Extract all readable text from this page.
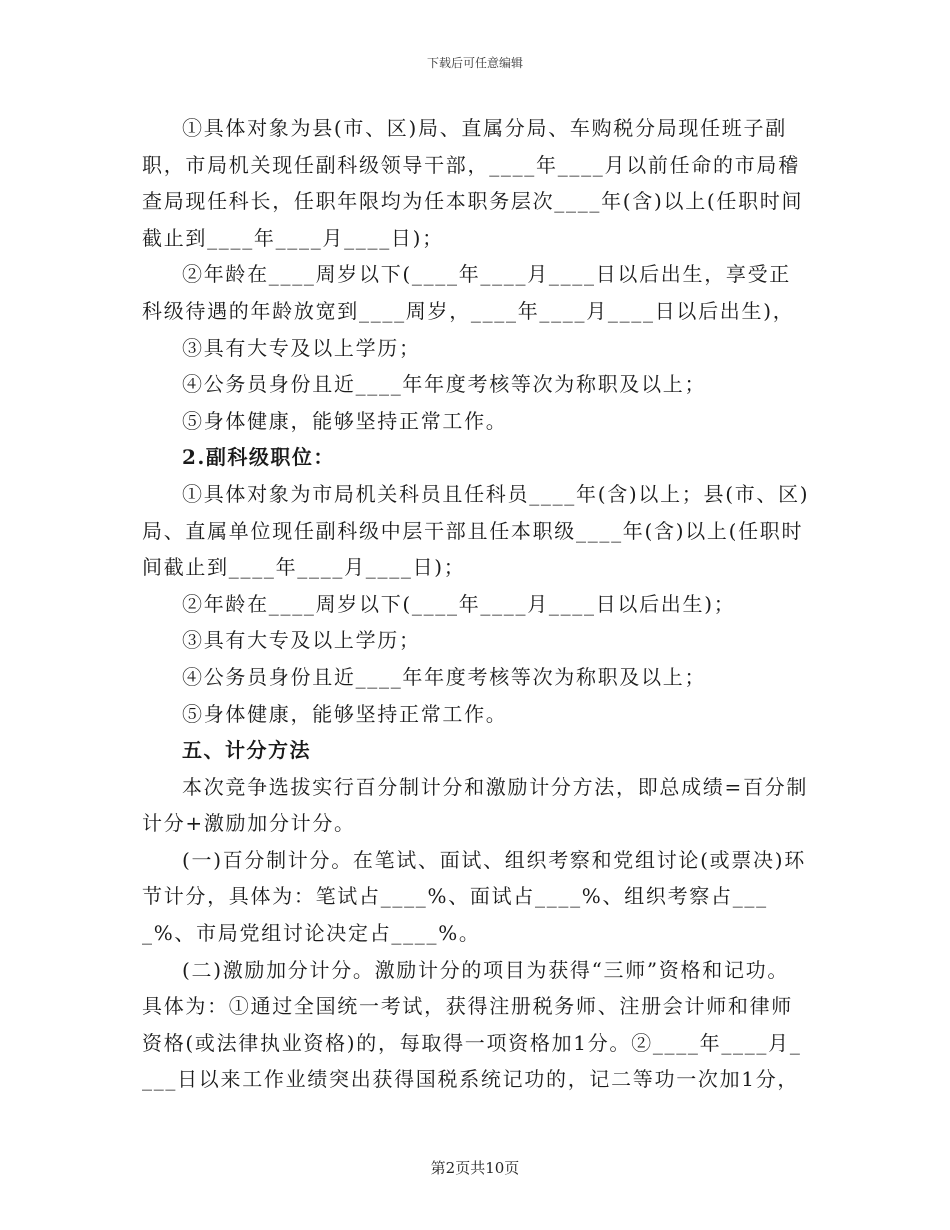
下载后可任意编辑

①具体对象为县(市、区)局、直属分局、车购税分局现任班子副职，市局机关现任副科级领导干部，____年____月以前任命的市局稽查局现任科长，任职年限均为任本职务层次____年(含)以上(任职时间截止到____年____月____日)；

②年龄在____周岁以下(____年____月____日以后出生，享受正科级待遇的年龄放宽到____周岁，____年____月____日以后出生)，

③具有大专及以上学历；

④公务员身份且近____年年度考核等次为称职及以上；

⑤身体健康，能够坚持正常工作。

2.副科级职位：

①具体对象为市局机关科员且任科员____年(含)以上；县(市、区)局、直属单位现任副科级中层干部且任本职级____年(含)以上(任职时间截止到____年____月____日)；

②年龄在____周岁以下(____年____月____日以后出生)；

③具有大专及以上学历；

④公务员身份且近____年年度考核等次为称职及以上；

⑤身体健康，能够坚持正常工作。

五、计分方法

本次竞争选拔实行百分制计分和激励计分方法，即总成绩=百分制计分+激励加分计分。

(一)百分制计分。在笔试、面试、组织考察和党组讨论(或票决)环节计分，具体为：笔试占____%、面试占____%、组织考察占____%、市局党组讨论决定占____%。

(二)激励加分计分。激励计分的项目为获得“三师”资格和记功。具体为：①通过全国统一考试，获得注册税务师、注册会计师和律师资格(或法律执业资格)的，每取得一项资格加1分。②____年____月____日以来工作业绩突出获得国税系统记功的，记二等功一次加1分，

第2页共10页
